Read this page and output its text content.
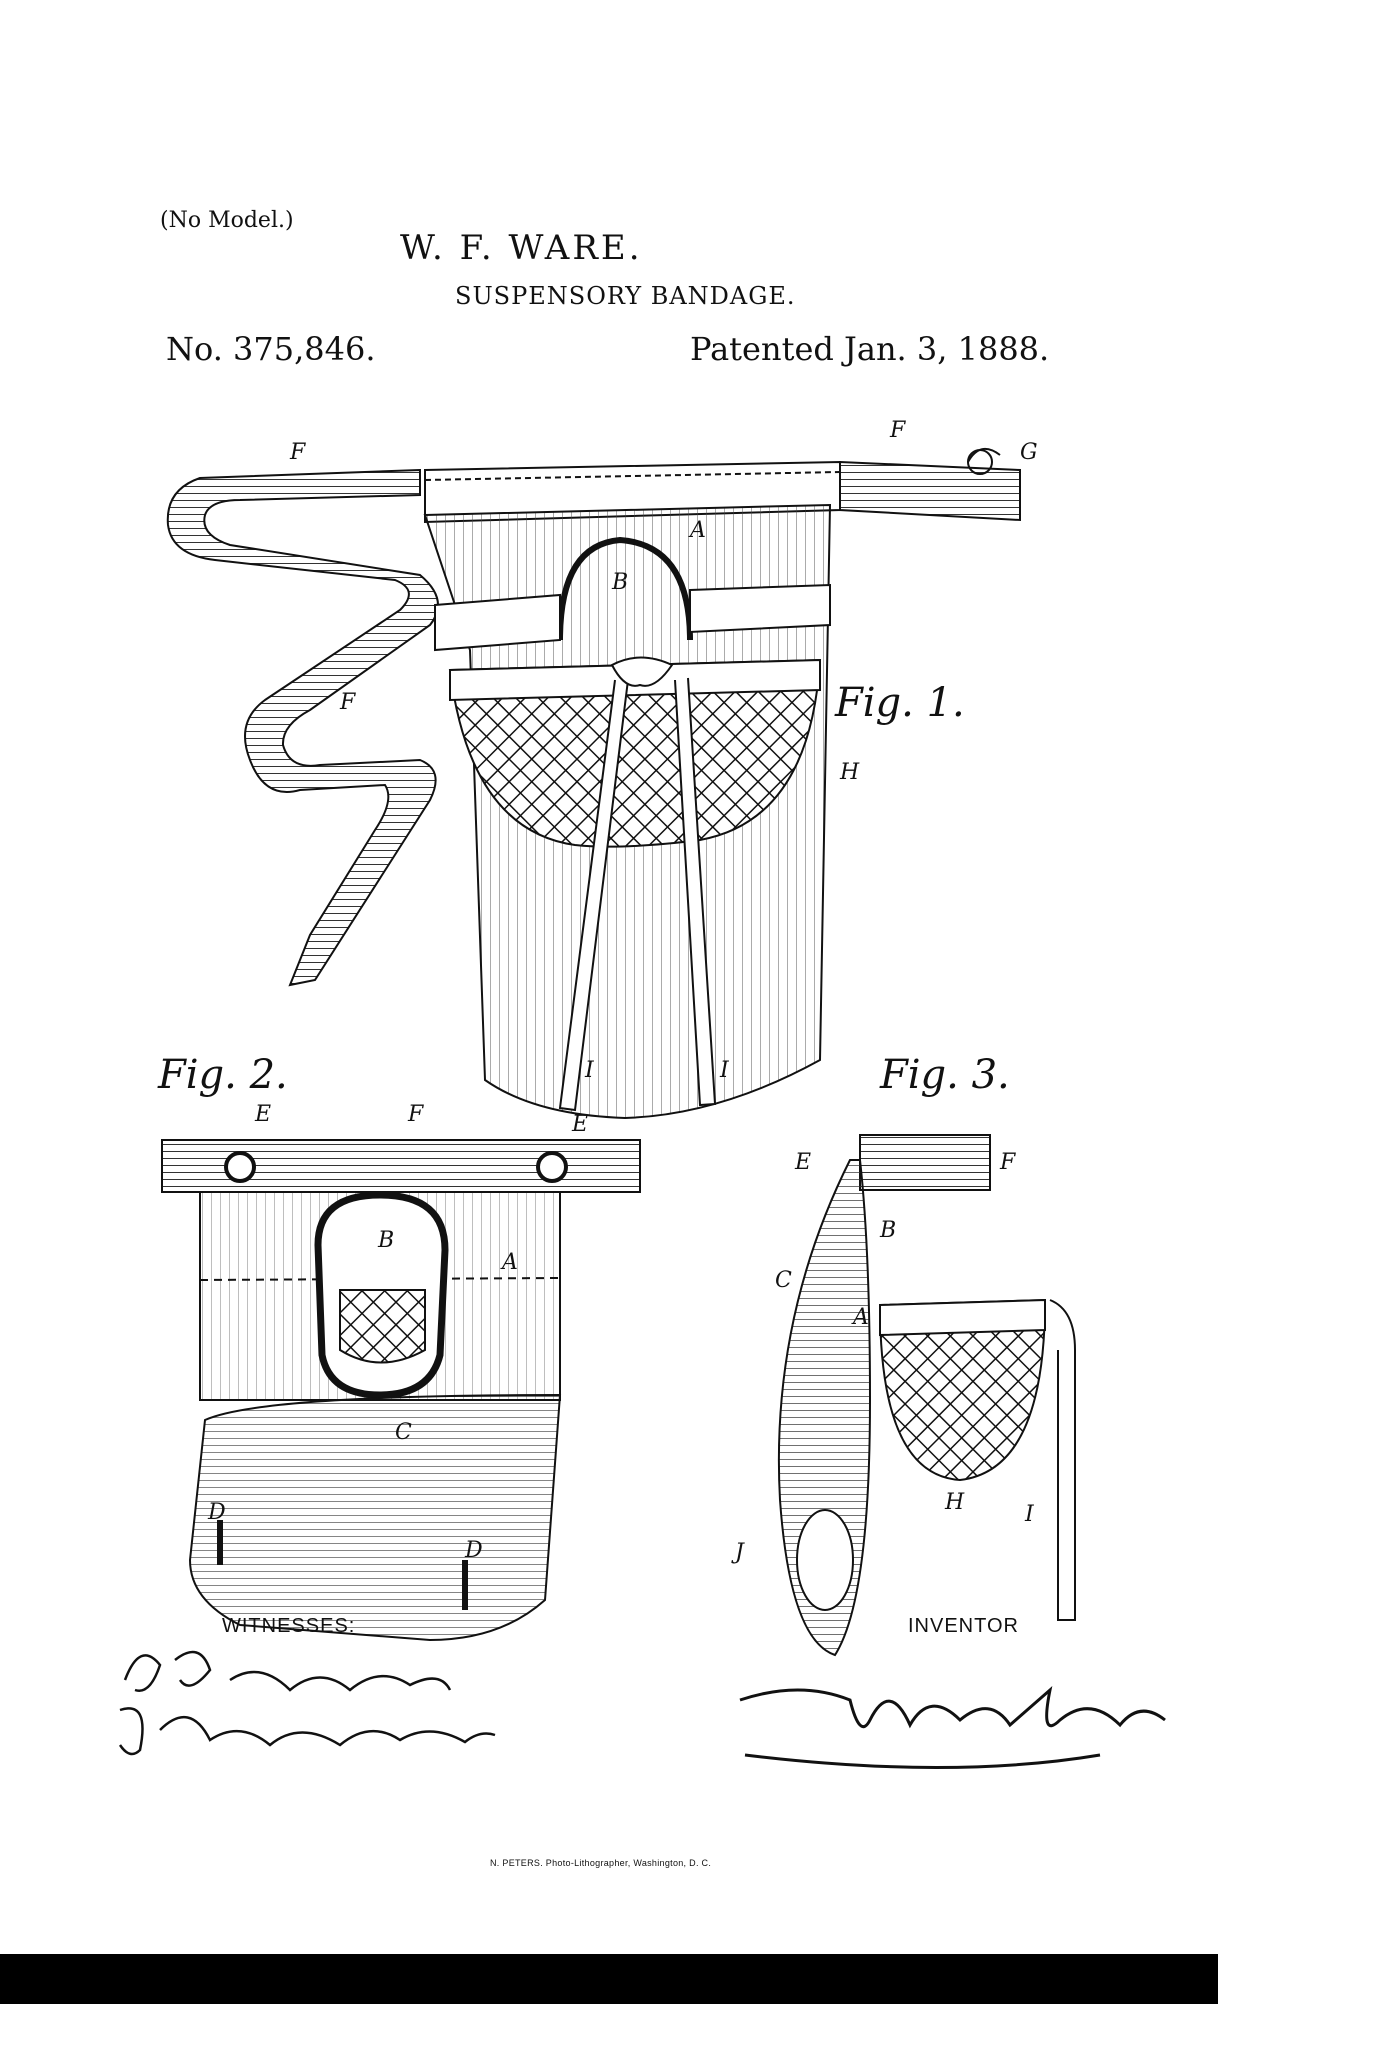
(No Model.)
W. F. WARE.
SUSPENSORY BANDAGE.
No. 375,846.	Patented Jan. 3, 1888.
F
F
G
A
B
F
H
I	I
Fig. 1.
Fig. 2.	Fig. 3.
E	F	E
B
A
C
D
D
E	F
B
C
A
H	I
J
WITNESSES:	INVENTOR
N. PETERS. Photo-Lithographer, Washington, D. C.
